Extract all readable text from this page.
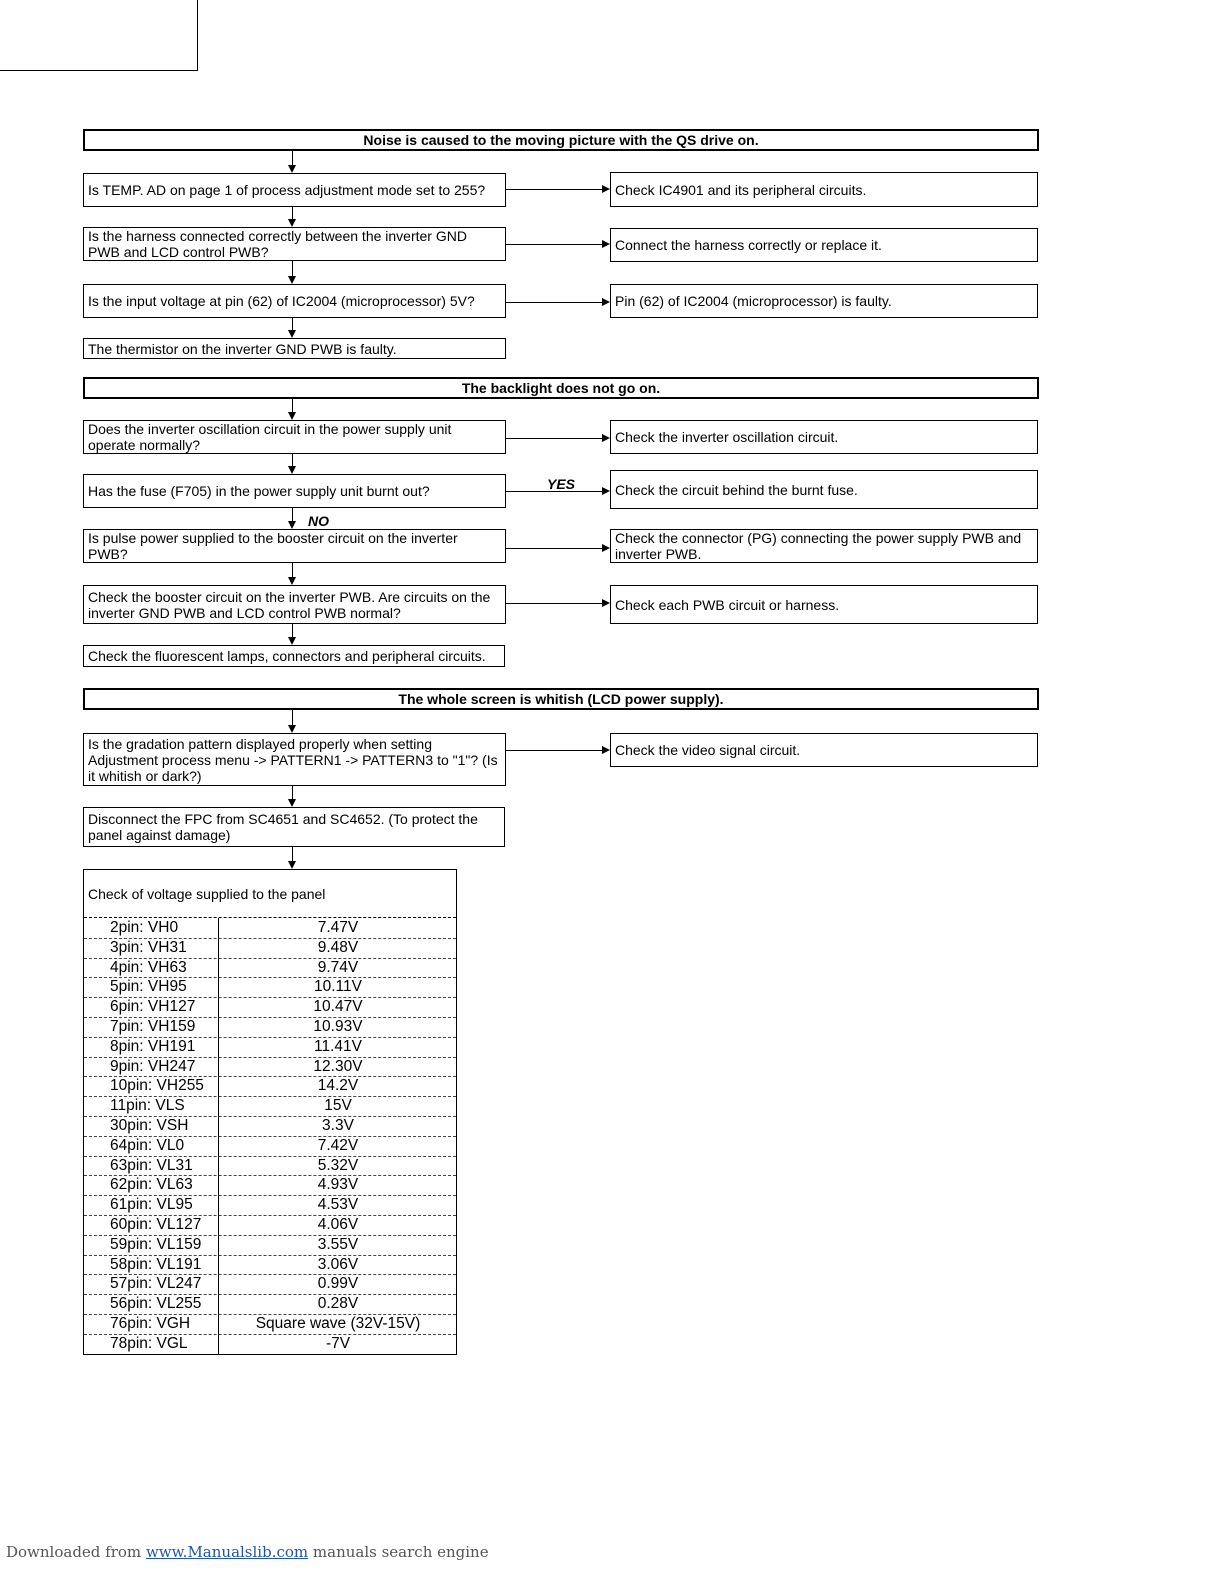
Noise is caused to the moving picture with the QS drive on.
Is TEMP. AD on page 1 of process adjustment mode set to 255?	Check IC4901 and its peripheral circuits.
Is the harness connected correctly between the inverter GND PWB and LCD control PWB?	Connect the harness correctly or replace it.
Is the input voltage at pin (62) of IC2004 (microprocessor) 5V?	Pin (62) of IC2004 (microprocessor) is faulty.
The thermistor on the inverter GND PWB is faulty.
The backlight does not go on.
Does the inverter oscillation circuit in the power supply unit operate normally?	Check the inverter oscillation circuit.
Has the fuse (F705) in the power supply unit burnt out?	YES	Check the circuit behind the burnt fuse.
NO
Is pulse power supplied to the booster circuit on the inverter PWB?
Check the connector (PG) connecting the power supply PWB and inverter PWB.
Check the booster circuit on the inverter PWB. Are circuits on the inverter GND PWB and LCD control PWB normal?	Check each PWB circuit or harness.
Check the fluorescent lamps, connectors and peripheral circuits.
The whole screen is whitish (LCD power supply).
Is the gradation pattern displayed properly when setting Adjustment process menu -> PATTERN1 -> PATTERN3 to "1"? (Is it whitish or dark?)
Check the video signal circuit.
Disconnect the FPC from SC4651 and SC4652. (To protect the panel against damage)
Check of voltage supplied to the panel
2pin: VH0	7.47V
3pin: VH31	9.48V
4pin: VH63	9.74V
5pin: VH95	10.11V
6pin: VH127	10.47V
7pin: VH159	10.93V
8pin: VH191	11.41V
9pin: VH247	12.30V
10pin: VH255	14.2V
11pin: VLS	15V
30pin: VSH	3.3V
64pin: VL0	7.42V
63pin: VL31	5.32V
62pin: VL63	4.93V
61pin: VL95	4.53V
60pin: VL127	4.06V
59pin: VL159	3.55V
58pin: VL191	3.06V
57pin: VL247	0.99V
56pin: VL255	0.28V
76pin: VGH	Square wave (32V-15V)
78pin: VGL	-7V
Downloaded from www.Manualslib.com manuals search engine
